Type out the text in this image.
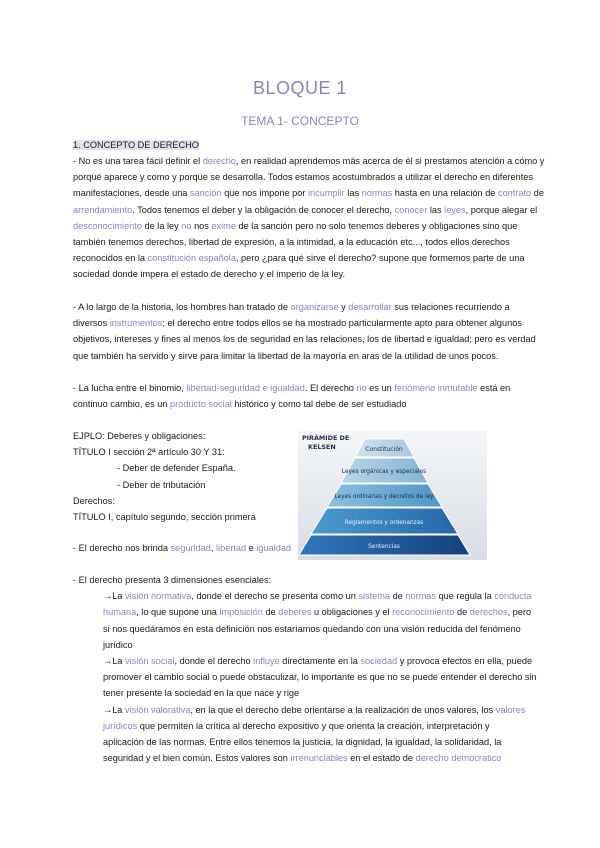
BLOQUE 1
TEMA 1- CONCEPTO
1. CONCEPTO DE DERECHO
- No es una tarea fácil definir el derecho, en realidad aprendemos más acerca de él si prestamos atención a cómo y
porqué aparece y como y porque se desarrolla. Todos estamos acostumbrados a utilizar el derecho en diferentes
manifestaciones, desde una sanción que nos impone por incumplir las normas hasta en una relación de contrato de
arrendamiento. Todos tenemos el deber y la obligación de conocer el derecho, conocer las leyes, porque alegar el
desconocimiento de la ley no nos exime de la sanción pero no solo tenemos deberes y obligaciones sino que
también tenemos derechos, libertad de expresión, a la intimidad, a la educación etc..., todos ellos derechos
reconocidos en la constitución española, pero ¿para qué sirve el derecho? supone que formemos parte de una
sociedad donde impera el estado de derecho y el imperio de la ley.
- A lo largo de la historia, los hombres han tratado de organizarse y desarrollar sus relaciones recurriendo a
diversos instrumentos; el derecho entre todos ellos se ha mostrado particularmente apto para obtener algunos
objetivos, intereses y fines al menos los de seguridad en las relaciones, los de libertad e igualdad; pero es verdad
que también ha servido y sirve para limitar la libertad de la mayoría en aras de la utilidad de unos pocos.
- La lucha entre el binomio, libertad-seguridad e igualdad. El derecho no es un fenómeno inmutable está en
continuo cambio, es un producto social histórico y como tal debe de ser estudiado
EJPLO: Deberes y obligaciones:
TÍTULO I sección 2ª artículo 30 Y 31:
- Deber de defender España.
- Deber de tributación
Derechos:
TÍTULO I, capítulo segundo, sección primera
- El derecho nos brinda seguridad, libertad e igualdad
- El derecho presenta 3 dimensiones esenciales:
→La visión normativa, donde el derecho se presenta como un sistema de normas que regula la conducta
humana, lo que supone una imposición de deberes u obligaciones y el reconocimiento de derechos, pero
si nos quedáramos en esta definición nos estaríamos quedando con una visión reducida del fenómeno
jurídico
→La visión social, donde el derecho influye directamente en la sociedad y provoca efectos en ella, puede
promover el cambio social o puede obstaculizar, lo importante es que no se puede entender el derecho sin
tener presente la sociedad en la que nace y rige
→La visión valorativa, en la que el derecho debe orientarse a la realización de unos valores, los valores
jurídicos que permiten la crítica al derecho expositivo y que orienta la creación, interpretación y
aplicación de las normas. Entre ellos tenemos la justicia, la dignidad, la igualdad, la solidaridad, la
seguridad y el bien común. Estos valores son irrenunciables en el estado de derecho democratico
PIRÁMIDE DE KELSEN	Constitución
Leyes orgánicas y especiales
Leyes ordinarias y decretos de ley
Reglamentos y ordenanzas
Sentencias
